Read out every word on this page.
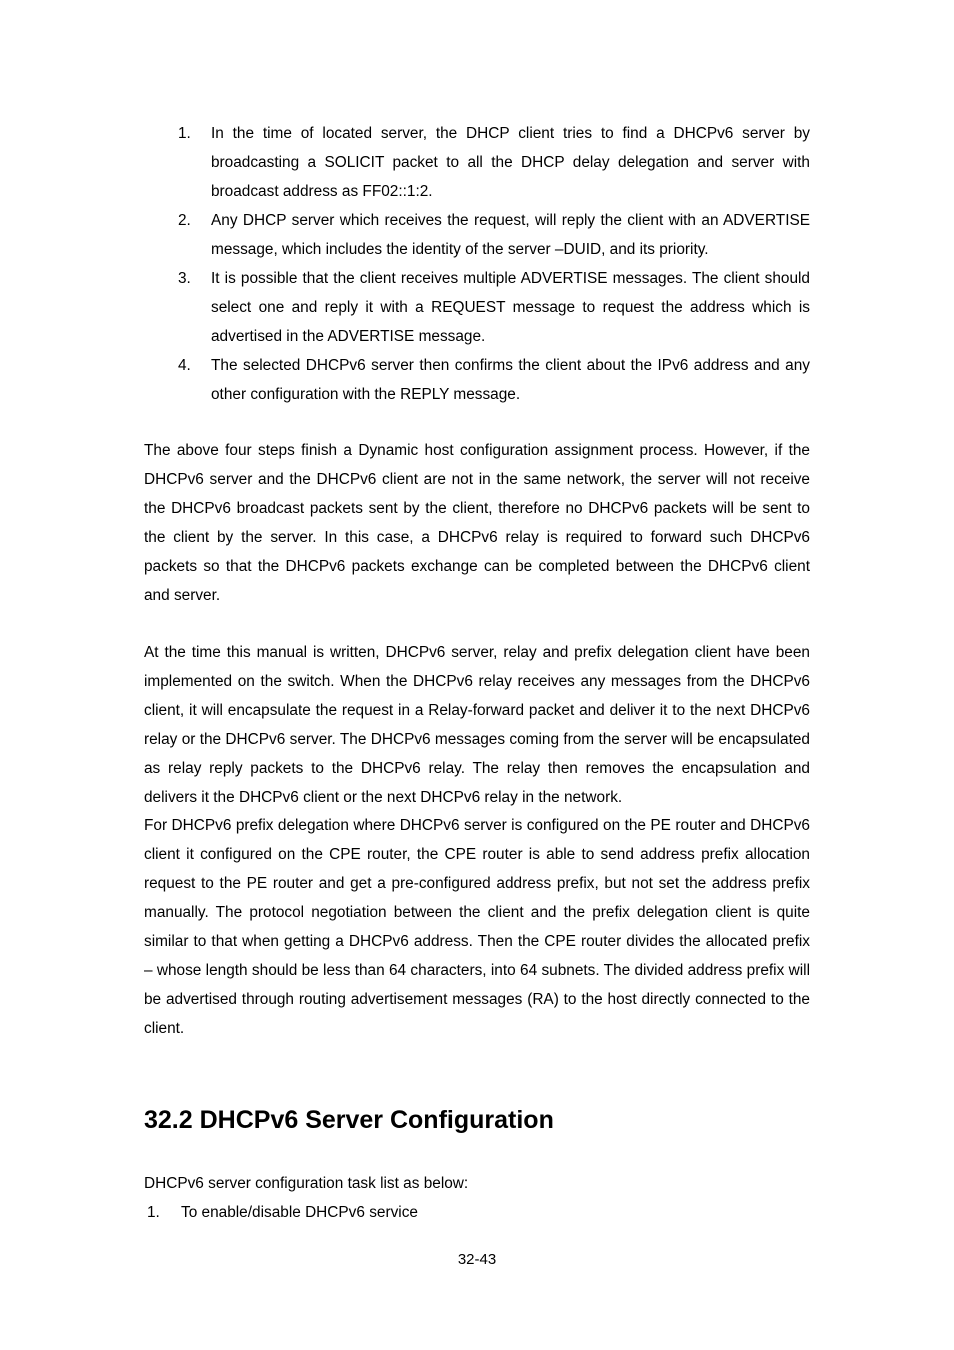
1.	In the time of located server, the DHCP client tries to find a DHCPv6 server by broadcasting a SOLICIT packet to all the DHCP delay delegation and server with broadcast address as FF02::1:2.
2.	Any DHCP server which receives the request, will reply the client with an ADVERTISE message, which includes the identity of the server –DUID, and its priority.
3.	It is possible that the client receives multiple ADVERTISE messages. The client should select one and reply it with a REQUEST message to request the address which is advertised in the ADVERTISE message.
4.	The selected DHCPv6 server then confirms the client about the IPv6 address and any other configuration with the REPLY message.

The above four steps finish a Dynamic host configuration assignment process. However, if the DHCPv6 server and the DHCPv6 client are not in the same network, the server will not receive the DHCPv6 broadcast packets sent by the client, therefore no DHCPv6 packets will be sent to the client by the server. In this case, a DHCPv6 relay is required to forward such DHCPv6 packets so that the DHCPv6 packets exchange can be completed between the DHCPv6 client and server.

At the time this manual is written, DHCPv6 server, relay and prefix delegation client have been implemented on the switch. When the DHCPv6 relay receives any messages from the DHCPv6 client, it will encapsulate the request in a Relay-forward packet and deliver it to the next DHCPv6 relay or the DHCPv6 server. The DHCPv6 messages coming from the server will be encapsulated as relay reply packets to the DHCPv6 relay. The relay then removes the encapsulation and delivers it the DHCPv6 client or the next DHCPv6 relay in the network.

For DHCPv6 prefix delegation where DHCPv6 server is configured on the PE router and DHCPv6 client it configured on the CPE router, the CPE router is able to send address prefix allocation request to the PE router and get a pre-configured address prefix, but not set the address prefix manually. The protocol negotiation between the client and the prefix delegation client is quite similar to that when getting a DHCPv6 address. Then the CPE router divides the allocated prefix – whose length should be less than 64 characters, into 64 subnets. The divided address prefix will be advertised through routing advertisement messages (RA) to the host directly connected to the client.

32.2 DHCPv6 Server Configuration

DHCPv6 server configuration task list as below:

1.	To enable/disable DHCPv6 service
32-43
